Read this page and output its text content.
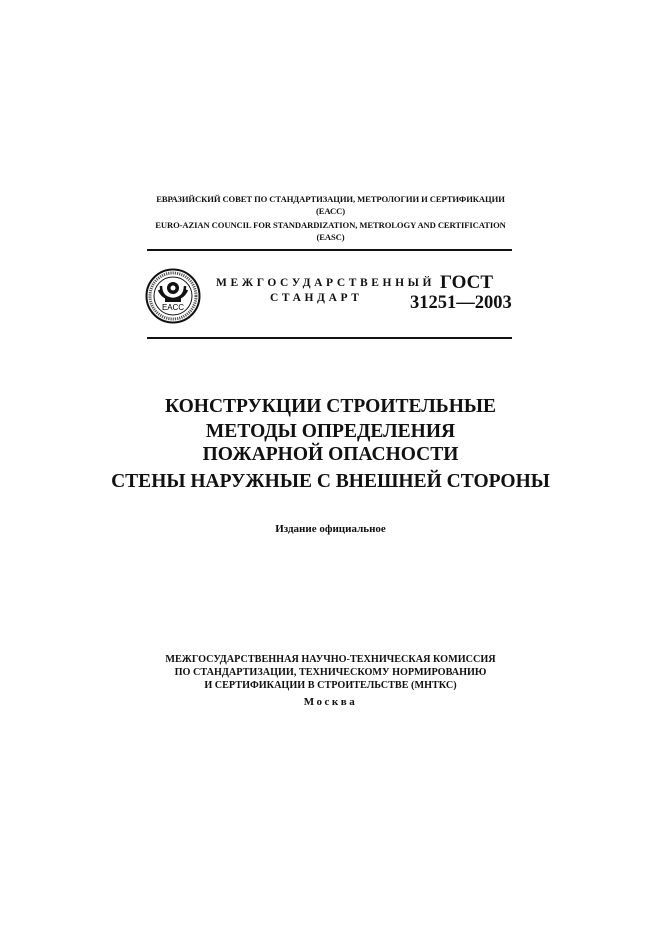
ЕВРАЗИЙСКИЙ СОВЕТ ПО СТАНДАРТИЗАЦИИ, МЕТРОЛОГИИ И СЕРТИФИКАЦИИ
(ЕАСС)
EURO-AZIAN COUNCIL FOR STANDARDIZATION, METROLOGY AND CERTIFICATION
(EASC)
ЕАСС
МЕЖГОСУДАРСТВЕННЫЙ
СТАНДАРТ
ГОСТ
31251—2003
КОНСТРУКЦИИ СТРОИТЕЛЬНЫЕ
МЕТОДЫ ОПРЕДЕЛЕНИЯ
ПОЖАРНОЙ ОПАСНОСТИ
СТЕНЫ НАРУЖНЫЕ С ВНЕШНЕЙ СТОРОНЫ
Издание официальное
МЕЖГОСУДАРСТВЕННАЯ НАУЧНО-ТЕХНИЧЕСКАЯ КОМИССИЯ
ПО СТАНДАРТИЗАЦИИ, ТЕХНИЧЕСКОМУ НОРМИРОВАНИЮ
И СЕРТИФИКАЦИИ В СТРОИТЕЛЬСТВЕ (МНТКС)
Москва
